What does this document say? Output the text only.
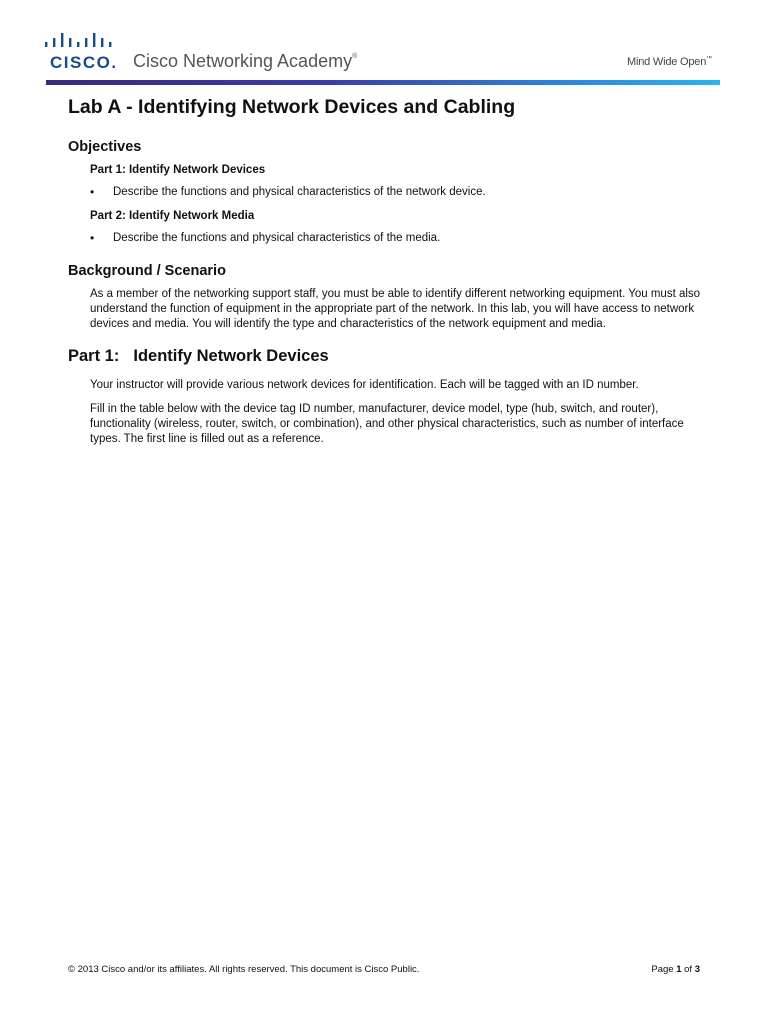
CISCO. Cisco Networking Academy®	Mind Wide Open™
Lab A - Identifying Network Devices and Cabling
Objectives
Part 1: Identify Network Devices
• Describe the functions and physical characteristics of the network device.
Part 2: Identify Network Media
• Describe the functions and physical characteristics of the media.
Background / Scenario

As a member of the networking support staff, you must be able to identify different networking equipment. You must also understand the function of equipment in the appropriate part of the network. In this lab, you will have access to network devices and media. You will identify the type and characteristics of the network equipment and media.

Part 1: Identify Network Devices

Your instructor will provide various network devices for identification. Each will be tagged with an ID number.

Fill in the table below with the device tag ID number, manufacturer, device model, type (hub, switch, and router), functionality (wireless, router, switch, or combination), and other physical characteristics, such as number of interface types. The first line is filled out as a reference.

© 2013 Cisco and/or its affiliates. All rights reserved. This document is Cisco Public.	Page 1 of 3
